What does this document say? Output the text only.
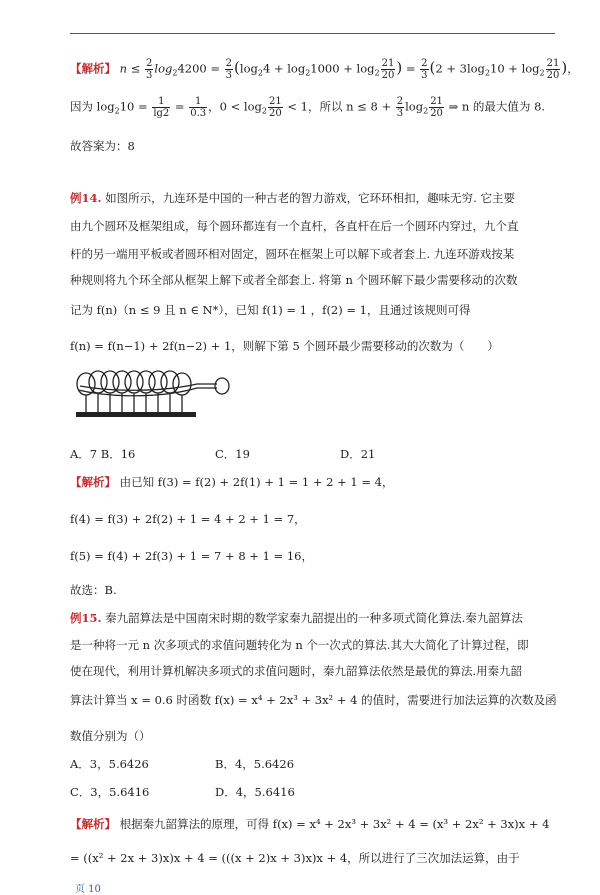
【解析】 $n \le \frac{2}{3} \log_24200 = \frac{2}{3} (\log_24 + \log_21000 + \log_2 \frac{21}{20}$ ) = $\frac{2}{3} (2 + 3\log_210 + \log_2 \frac{21}{20}$ )，
因为 $\log_210 = \frac{1}{\lg 2} = \frac{1}{0.3}$ ，$0 < \log_2 \frac{21}{20} < 1$，所以 $n \le 8 + \frac{2}{3} \log_2 \frac{21}{20}$ ⇒ n 的最大值为 8.
故答案为：8
例14. 如图所示，九连环是中国的一种古老的智力游戏，它环环相扣，趣味无穷. 它主要
由九个圆环及框架组成，每个圆环都连有一个直杆，各直杆在后一个圆环内穿过，九个直
杆的另一端用平板或者圆环相对固定，圆环在框架上可以解下或者套上. 九连环游戏按某
种规则将九个环全部从框架上解下或者全部套上. 将第 n 个圆环解下最少需要移动的次数
记为 f(n)（n ≤ 9 且 n ∈ N*），已知 f(1) = 1 ，f(2) = 1，且通过该规则可得
f(n) = f(n−1) + 2f(n−2) + 1，则解下第 5 个圆环最少需要移动的次数为（　　）
A．7 B．16	C．19	D．21
【解析】 由已知 f(3) = f(2) + 2f(1) + 1 = 1 + 2 + 1 = 4，
f(4) = f(3) + 2f(2) + 1 = 4 + 2 + 1 = 7，
f(5) = f(4) + 2f(3) + 1 = 7 + 8 + 1 = 16，
故选：B.
例15. 秦九韶算法是中国南宋时期的数学家秦九韶提出的一种多项式简化算法.秦九韶算法
是一种将一元 n 次多项式的求值问题转化为 n 个一次式的算法.其大大简化了计算过程，即
使在现代，利用计算机解决多项式的求值问题时，秦九韶算法依然是最优的算法.用秦九韶
算法计算当 x = 0.6 时函数 f(x) = x⁴ + 2x³ + 3x² + 4 的值时，需要进行加法运算的次数及函
数值分别为（）
A．3，5.6426	B．4，5.6426
C．3，5.6416	D．4，5.6416
【解析】 根据秦九韶算法的原理，可得 f(x) = x⁴ + 2x³ + 3x² + 4 = (x³ + 2x² + 3x)x + 4
= ((x² + 2x + 3)x)x + 4 = (((x + 2)x + 3)x)x + 4，所以进行了三次加法运算，由于
页 10
